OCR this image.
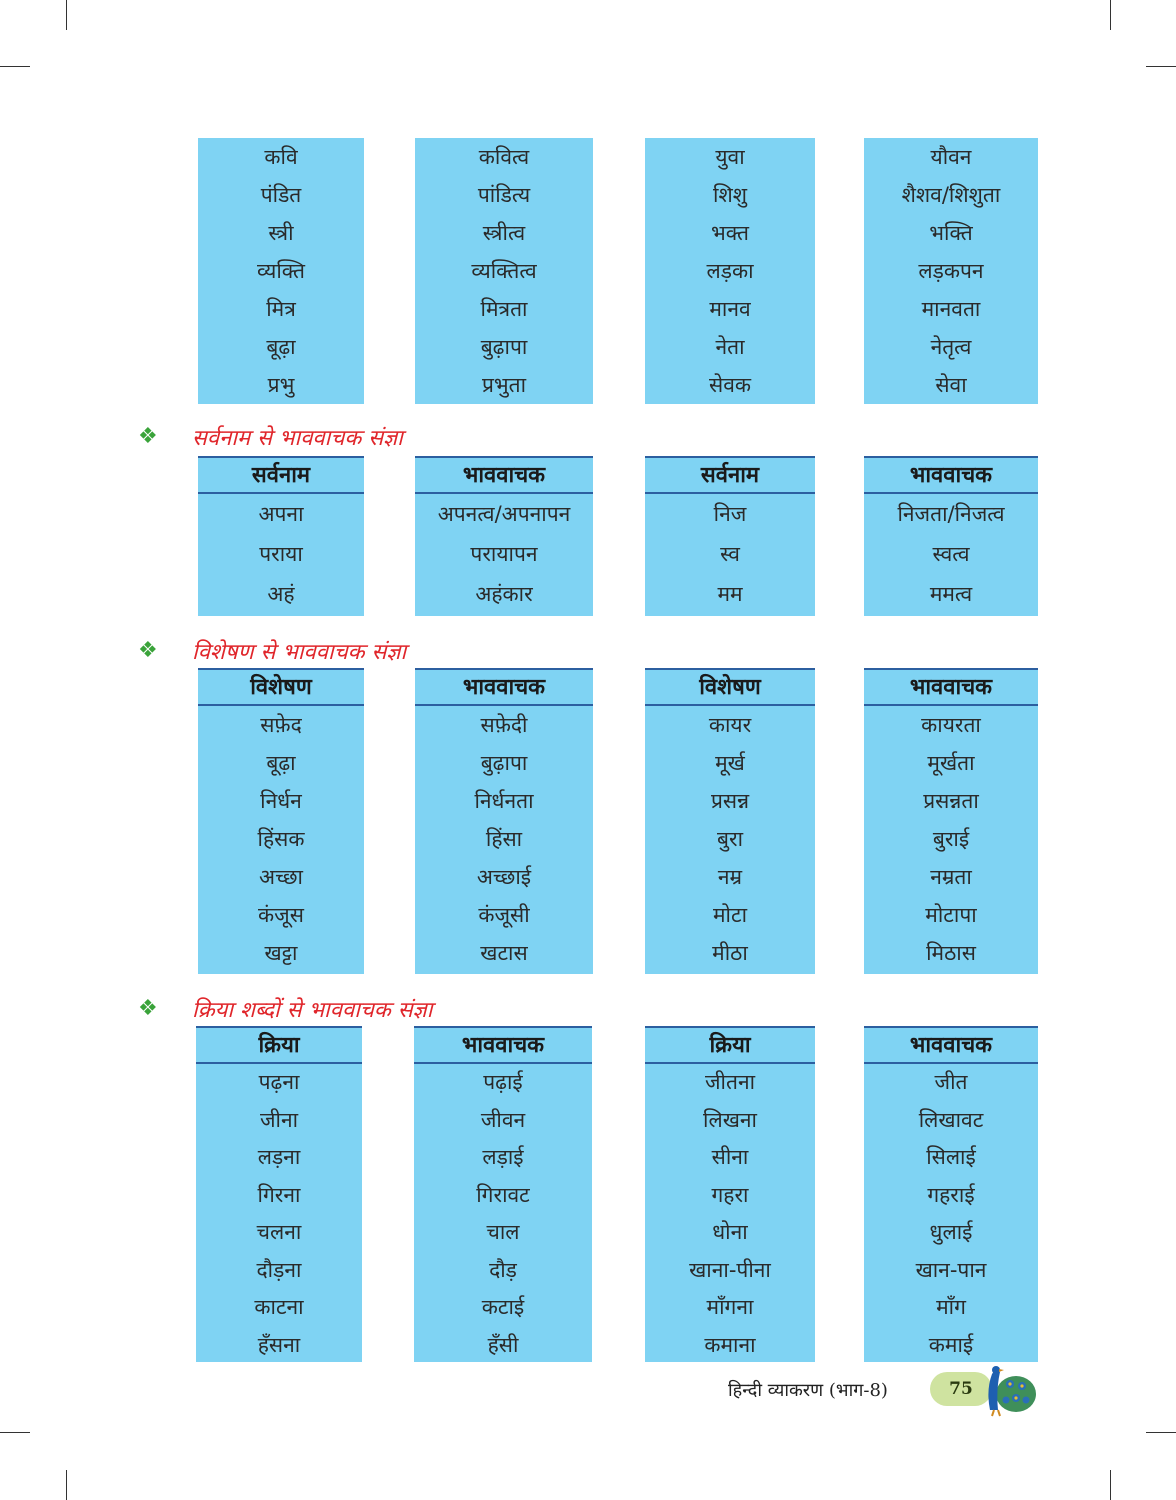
कवि
पंडित
स्त्री
व्यक्ति
मित्र
बूढ़ा
प्रभु
कवित्व
पांडित्य
स्त्रीत्व
व्यक्तित्व
मित्रता
बुढ़ापा
प्रभुता
युवा
शिशु
भक्त
लड़का
मानव
नेता
सेवक
यौवन
शैशव/शिशुता
भक्ति
लड़कपन
मानवता
नेतृत्व
सेवा
❖ सर्वनाम से भाववाचक संज्ञा
सर्वनाम
अपना
पराया
अहं
भाववाचक
अपनत्व/अपनापन
परायापन
अहंकार
सर्वनाम
निज
स्व
मम
भाववाचक
निजता/निजत्व
स्वत्व
ममत्व
❖ विशेषण से भाववाचक संज्ञा
विशेषण
सफ़ेद
बूढ़ा
निर्धन
हिंसक
अच्छा
कंजूस
खट्टा
भाववाचक
सफ़ेदी
बुढ़ापा
निर्धनता
हिंसा
अच्छाई
कंजूसी
खटास
विशेषण
कायर
मूर्ख
प्रसन्न
बुरा
नम्र
मोटा
मीठा
भाववाचक
कायरता
मूर्खता
प्रसन्नता
बुराई
नम्रता
मोटापा
मिठास
❖ क्रिया शब्दों से भाववाचक संज्ञा
क्रिया
पढ़ना
जीना
लड़ना
गिरना
चलना
दौड़ना
काटना
हँसना
भाववाचक
पढ़ाई
जीवन
लड़ाई
गिरावट
चाल
दौड़
कटाई
हँसी
क्रिया
जीतना
लिखना
सीना
गहरा
धोना
खाना-पीना
माँगना
कमाना
भाववाचक
जीत
लिखावट
सिलाई
गहराई
धुलाई
खान-पान
माँग
कमाई
हिन्दी व्याकरण (भाग-8)	75
